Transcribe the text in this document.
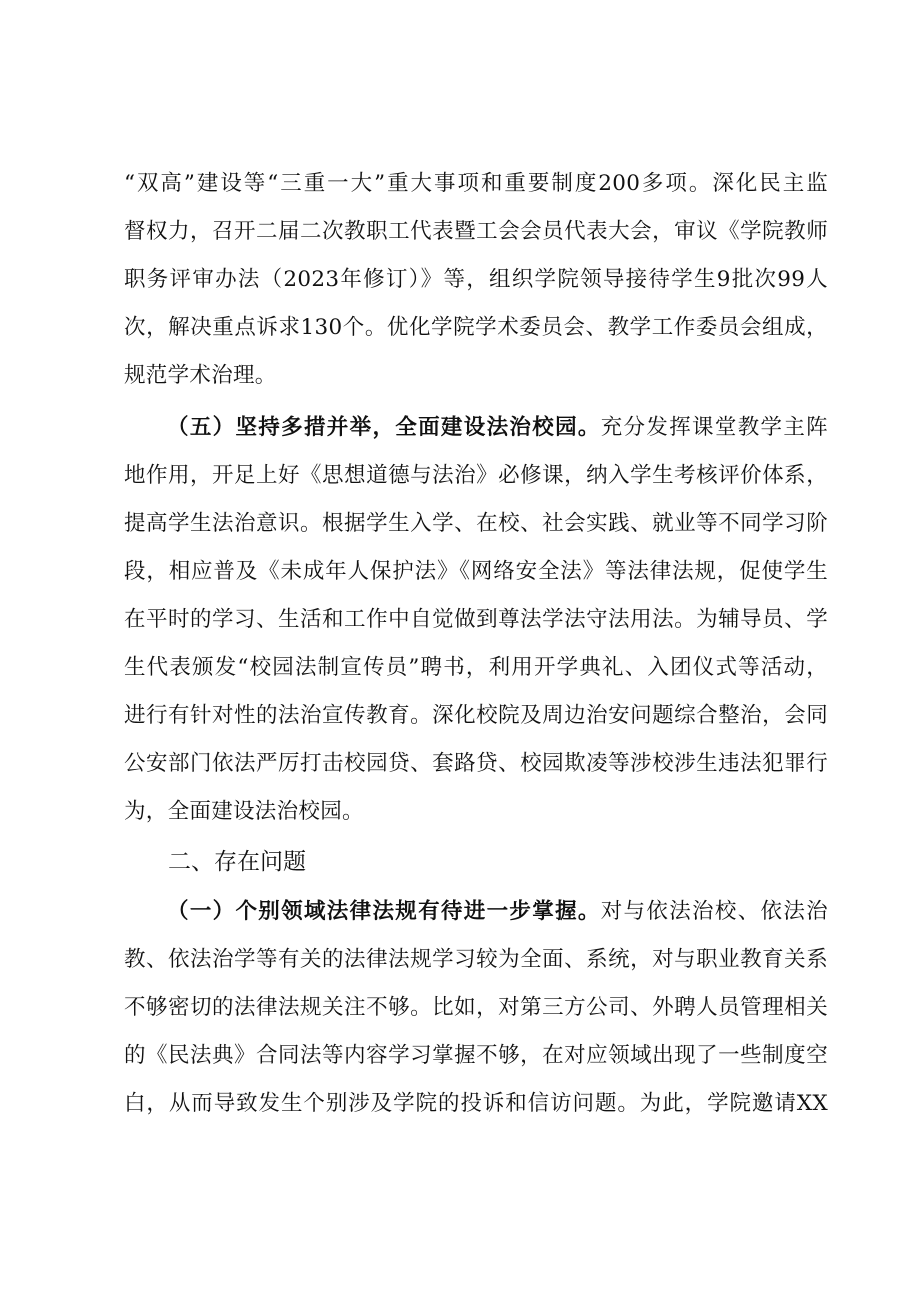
“双高”建设等“三重一大”重大事项和重要制度200多项。深化民主监
督权力，召开二届二次教职工代表暨工会会员代表大会，审议《学院教师
职务评审办法（2023年修订）》等，组织学院领导接待学生9批次99人
次，解决重点诉求130个。优化学院学术委员会、教学工作委员会组成，
规范学术治理。
（五）坚持多措并举，全面建设法治校园。充分发挥课堂教学主阵
地作用，开足上好《思想道德与法治》必修课，纳入学生考核评价体系，
提高学生法治意识。根据学生入学、在校、社会实践、就业等不同学习阶
段，相应普及《未成年人保护法》《网络安全法》等法律法规，促使学生
在平时的学习、生活和工作中自觉做到尊法学法守法用法。为辅导员、学
生代表颁发“校园法制宣传员”聘书，利用开学典礼、入团仪式等活动，
进行有针对性的法治宣传教育。深化校院及周边治安问题综合整治，会同
公安部门依法严厉打击校园贷、套路贷、校园欺凌等涉校涉生违法犯罪行
为，全面建设法治校园。
二、存在问题
（一）个别领域法律法规有待进一步掌握。对与依法治校、依法治
教、依法治学等有关的法律法规学习较为全面、系统，对与职业教育关系
不够密切的法律法规关注不够。比如，对第三方公司、外聘人员管理相关
的《民法典》合同法等内容学习掌握不够，在对应领域出现了一些制度空
白，从而导致发生个别涉及学院的投诉和信访问题。为此，学院邀请XX
